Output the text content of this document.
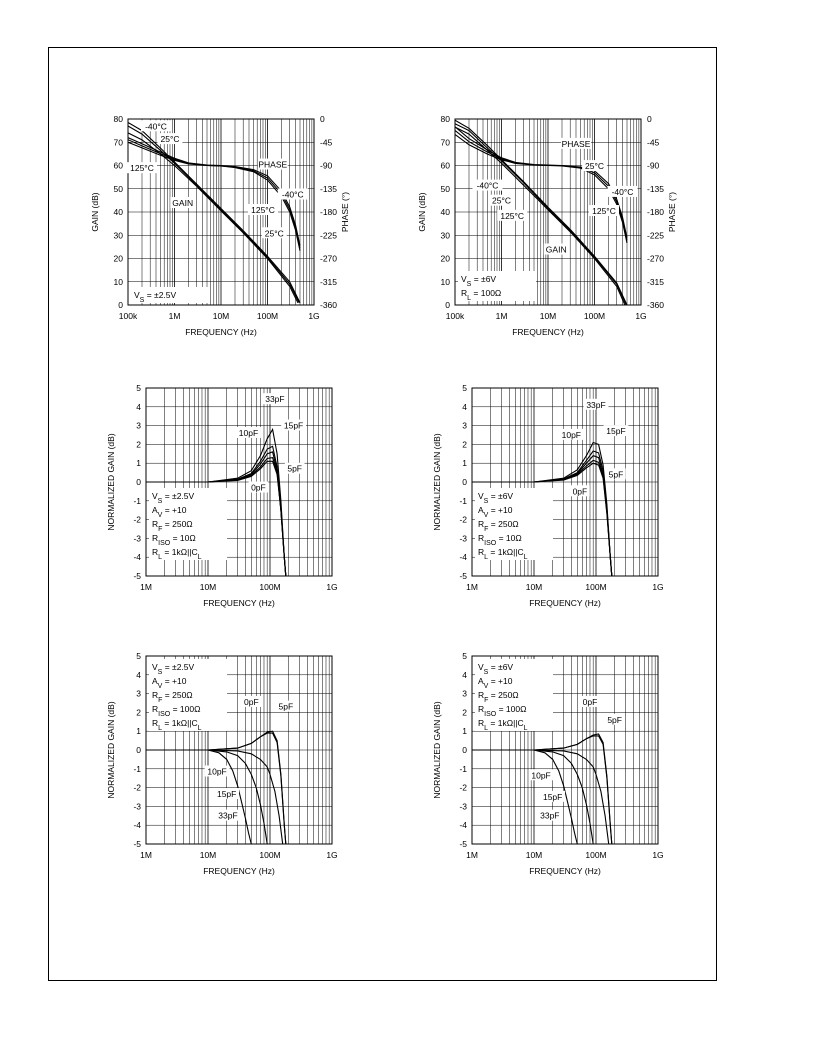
0
10
20
30
40
50
60
70
80
100k	1M	10M	100M	1G
FREQUENCY (Hz)
GAIN (dB)
0
-45
-90
-135
-180
-225
-270
-315
-360
PHASE (°)
-40°C
25°C
125°C	PHASE
GAIN
125°C
-40°C
25°C
$V_S = \pm 2.5V$
0
10
20
30
40
50
60
70
80
100k	1M	10M	100M	1G
FREQUENCY (Hz)
GAIN (dB)
0
-45
-90
-135
-180
-225
-270
-315
-360
PHASE (°)
PHASE
25°C
-40°C
-40°C
125°C
25°C
125°C
GAIN
$V_S = \pm 6V$
$R_L = 100\Omega$
-5
-4
-3
-2
-1
0
1
2
3
4
5
1M	10M	100M	1G
FREQUENCY (Hz)
NORMALIZED GAIN (dB)
33pF
15pF
10pF
5pF
0pF
$V_S = \pm 2.5V$
$A_V = +10$
$R_F = 250\Omega$
$R_{ISO} = 10\Omega$
$R_L = 1k\Omega||C_L$
-5
-4
-3
-2
-1
0
1
2
3
4
5
1M	10M	100M	1G
FREQUENCY (Hz)
NORMALIZED GAIN (dB)
33pF
15pF
10pF
5pF
0pF
$V_S = \pm 6V$
$A_V = +10$
$R_F = 250\Omega$
$R_{ISO} = 10\Omega$
$R_L = 1k\Omega||C_L$
-5
-4
-3
-2
-1
0
1
2
3
4
5
1M	10M	100M	1G
FREQUENCY (Hz)
NORMALIZED GAIN (dB)	0pF 5pF
10pF
15pF
33pF
$V_S = \pm 2.5V$
$A_V = +10$
$R_F = 250\Omega$
$R_{ISO} = 100\Omega$
$R_L = 1k\Omega||C_L$
-5
-4
-3
-2
-1
0
1
2
3
4
5
1M	10M	100M	1G
FREQUENCY (Hz)
NORMALIZED GAIN (dB)	0pF
5pF
10pF
15pF
33pF
$V_S = \pm 6V$
$A_V = +10$
$R_F = 250\Omega$
$R_{ISO} = 100\Omega$
$R_L = 1k\Omega||C_L$
